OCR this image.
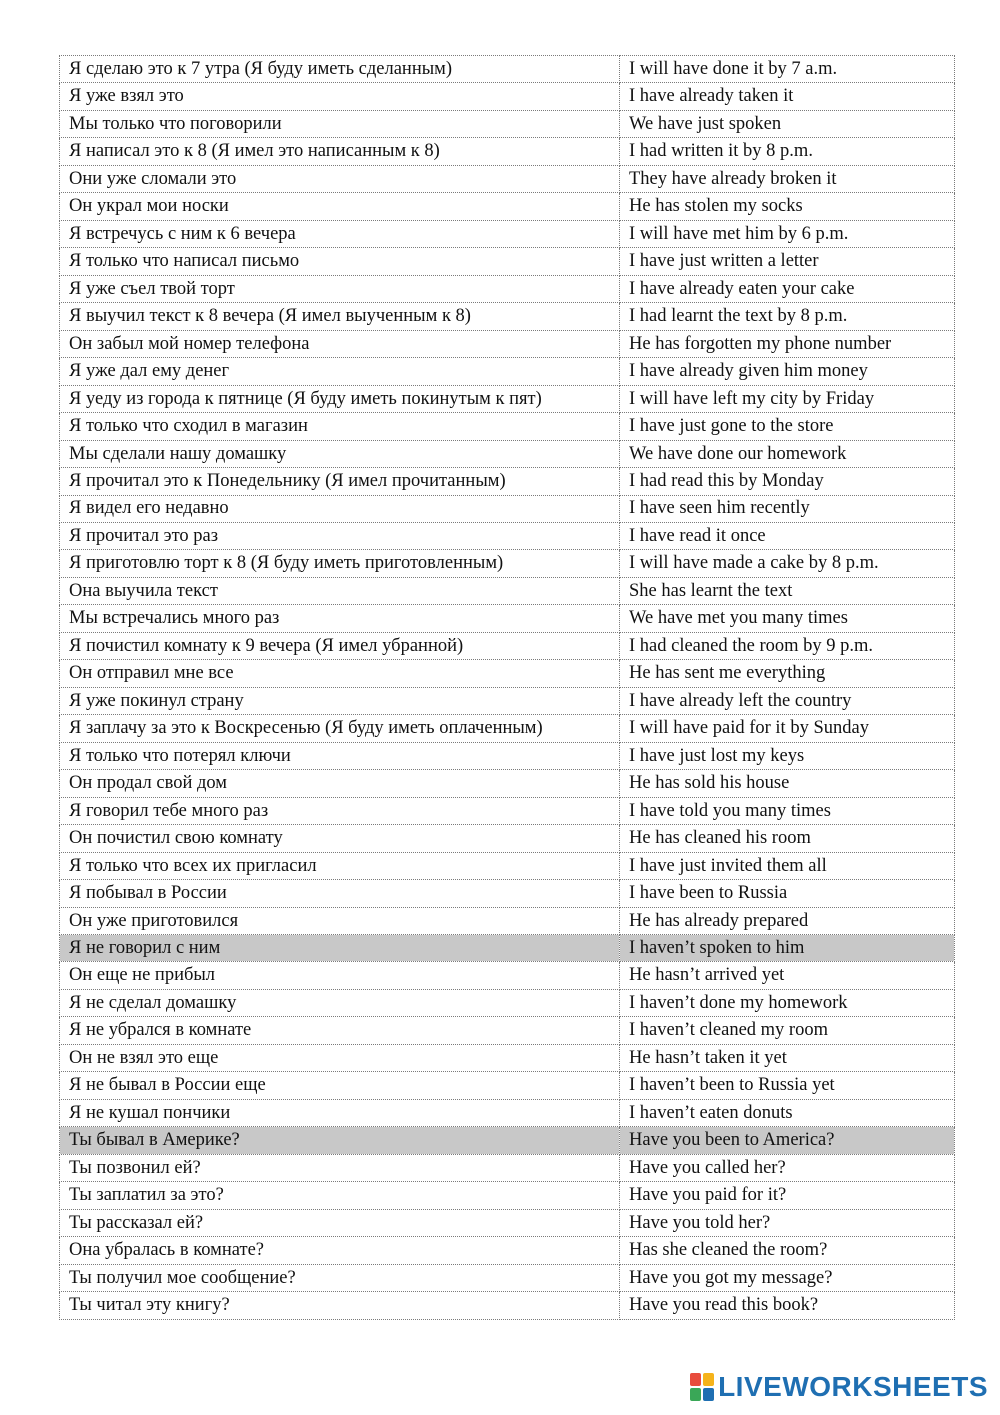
Я сделаю это к 7 утра (Я буду иметь сделанным)	I will have done it by 7 a.m.
Я уже взял это	I have already taken it
Мы только что поговорили	We have just spoken
Я написал это к 8 (Я имел это написанным к 8)	I had written it by 8 p.m.
Они уже сломали это	They have already broken it
Он украл мои носки	He has stolen my socks
Я встречусь с ним к 6 вечера	I will have met him by 6 p.m.
Я только что написал письмо	I have just written a letter
Я уже съел твой торт	I have already eaten your cake
Я выучил текст к 8 вечера (Я имел выученным к 8)	I had learnt the text by 8 p.m.
Он забыл мой номер телефона	He has forgotten my phone number
Я уже дал ему денег	I have already given him money
Я уеду из города к пятнице (Я буду иметь покинутым к пят)	I will have left my city by Friday
Я только что сходил в магазин	I have just gone to the store
Мы сделали нашу домашку	We have done our homework
Я прочитал это к Понедельнику (Я имел прочитанным)	I had read this by Monday
Я видел его недавно	I have seen him recently
Я прочитал это раз	I have read it once
Я приготовлю торт к 8 (Я буду иметь приготовленным)	I will have made a cake by 8 p.m.
Она выучила текст	She has learnt the text
Мы встречались много раз	We have met you many times
Я почистил комнату к 9 вечера (Я имел убранной)	I had cleaned the room by 9 p.m.
Он отправил мне все	He has sent me everything
Я уже покинул страну	I have already left the country
Я заплачу за это к Воскресенью (Я буду иметь оплаченным)	I will have paid for it by Sunday
Я только что потерял ключи	I have just lost my keys
Он продал свой дом	He has sold his house
Я говорил тебе много раз	I have told you many times
Он почистил свою комнату	He has cleaned his room
Я только что всех их пригласил	I have just invited them all
Я побывал в России	I have been to Russia
Он уже приготовился	He has already prepared
Я не говорил с ним	I haven’t spoken to him
Он еще не прибыл	He hasn’t arrived yet
Я не сделал домашку	I haven’t done my homework
Я не убрался в комнате	I haven’t cleaned my room
Он не взял это еще	He hasn’t taken it yet
Я не бывал в России еще	I haven’t been to Russia yet
Я не кушал пончики	I haven’t eaten donuts
Ты бывал в Америке?	Have you been to America?
Ты позвонил ей?	Have you called her?
Ты заплатил за это?	Have you paid for it?
Ты рассказал ей?	Have you told her?
Она убралась в комнате?	Has she cleaned the room?
Ты получил мое сообщение?	Have you got my message?
Ты читал эту книгу?	Have you read this book?
LIVEWORKSHEETS
